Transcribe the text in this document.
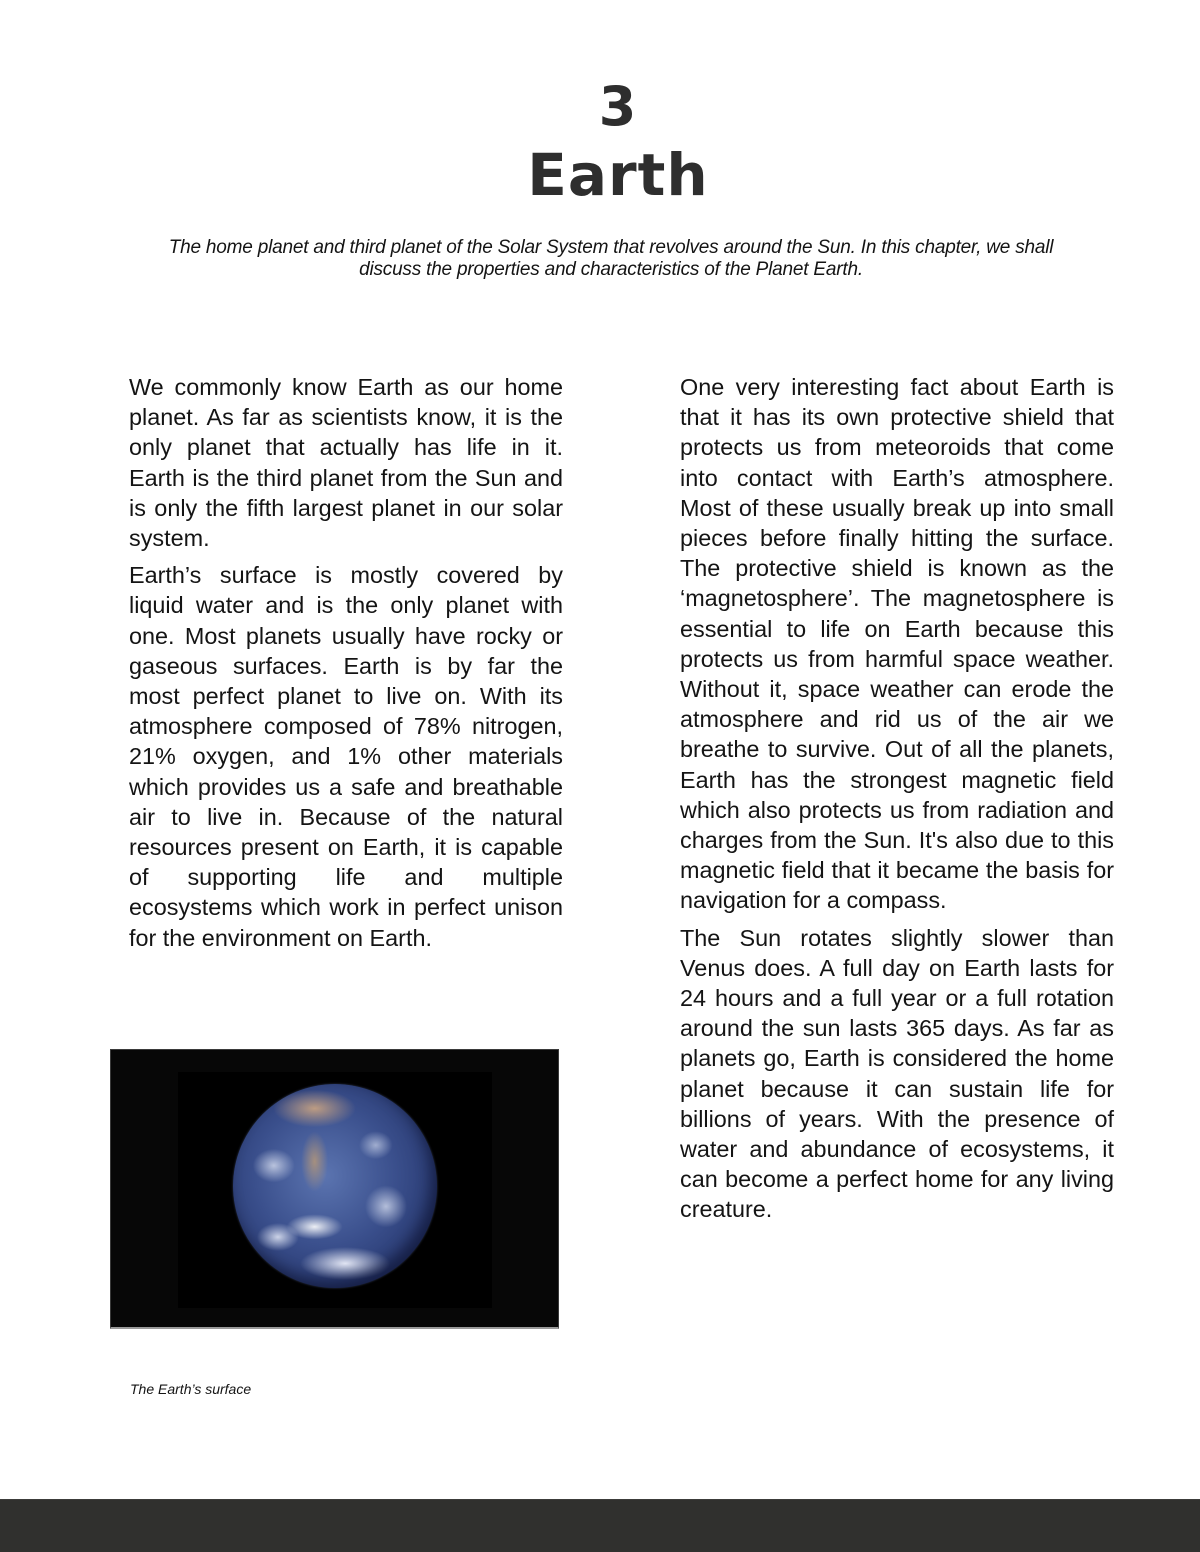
3
Earth

The home planet and third planet of the Solar System that revolves around the Sun. In this chapter, we shall discuss the properties and characteristics of the Planet Earth.

We commonly know Earth as our home planet. As far as scientists know, it is the only planet that actually has life in it. Earth is the third planet from the Sun and is only the fifth largest planet in our solar system.

Earth’s surface is mostly covered by liquid water and is the only planet with one. Most planets usually have rocky or gaseous surfaces. Earth is by far the most perfect planet to live on. With its atmosphere composed of 78% nitrogen, 21% oxygen, and 1% other materials which provides us a safe and breathable air to live in. Because of the natural resources present on Earth, it is capable of supporting life and multiple ecosystems which work in perfect unison for the environment on Earth.

One very interesting fact about Earth is that it has its own protective shield that protects us from meteoroids that come into contact with Earth’s atmosphere. Most of these usually break up into small pieces before finally hitting the surface. The protective shield is known as the ‘magnetosphere’. The magnetosphere is essential to life on Earth because this protects us from harmful space weather. Without it, space weather can erode the atmosphere and rid us of the air we breathe to survive. Out of all the planets, Earth has the strongest magnetic field which also protects us from radiation and charges from the Sun. It's also due to this magnetic field that it became the basis for navigation for a compass.

The Sun rotates slightly slower than Venus does. A full day on Earth lasts for 24 hours and a full year or a full rotation around the sun lasts 365 days. As far as planets go, Earth is considered the home planet because it can sustain life for billions of years. With the presence of water and abundance of ecosystems, it can become a perfect home for any living creature.

The Earth’s surface
